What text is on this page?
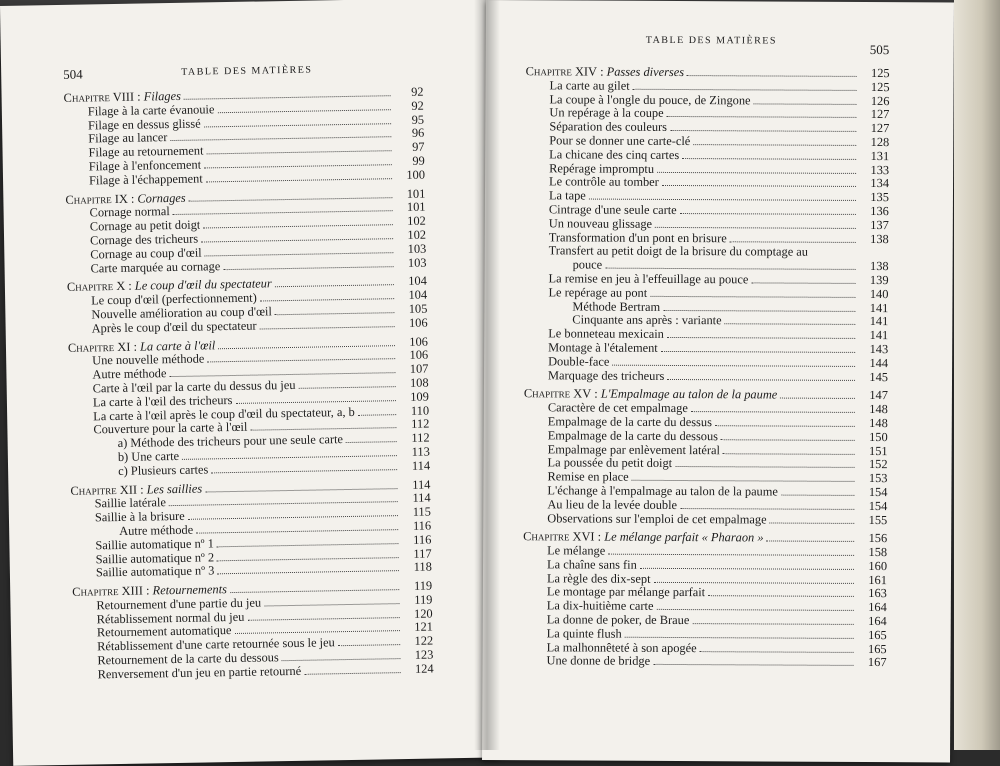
504	TABLE DES MATIÈRES
Chapitre VIII : Filages	92
Filage à la carte évanouie	92
Filage en dessus glissé	95
Filage au lancer	96
Filage au retournement	97
Filage à l'enfoncement	99
Filage à l'échappement	100
Chapitre IX : Cornages	101
Cornage normal	101
Cornage au petit doigt	102
Cornage des tricheurs	102
Cornage au coup d'œil	103
Carte marquée au cornage	103
Chapitre X : Le coup d'œil du spectateur	104
Le coup d'œil (perfectionnement)	104
Nouvelle amélioration au coup d'œil	105
Après le coup d'œil du spectateur	106
Chapitre XI : La carte à l'œil	106
Une nouvelle méthode	106
Autre méthode	107
Carte à l'œil par la carte du dessus du jeu	108
La carte à l'œil des tricheurs	109
La carte à l'œil après le coup d'œil du spectateur, a, b	110
Couverture pour la carte à l'œil	112
a) Méthode des tricheurs pour une seule carte	112
b) Une carte	113
c) Plusieurs cartes	114
Chapitre XII : Les saillies	114
Saillie latérale	114
Saillie à la brisure	115
Autre méthode	116
Saillie automatique nº 1	116
Saillie automatique nº 2	117
Saillie automatique nº 3	118
Chapitre XIII : Retournements	119
Retournement d'une partie du jeu	119
Rétablissement normal du jeu	120
Retournement automatique	121
Rétablissement d'une carte retournée sous le jeu	122
Retournement de la carte du dessous	123
Renversement d'un jeu en partie retourné	124
TABLE DES MATIÈRES
505
Chapitre XIV : Passes diverses	125
La carte au gilet	125
La coupe à l'ongle du pouce, de Zingone	126
Un repérage à la coupe	127
Séparation des couleurs	127
Pour se donner une carte-clé	128
La chicane des cinq cartes	131
Repérage impromptu	133
Le contrôle au tomber	134
La tape	135
Cintrage d'une seule carte	136
Un nouveau glissage	137
Transformation d'un pont en brisure	138
Transfert au petit doigt de la brisure du comptage au
pouce	138
La remise en jeu à l'effeuillage au pouce	139
Le repérage au pont	140
Méthode Bertram	141
Cinquante ans après : variante	141
Le bonneteau mexicain	141
Montage à l'étalement	143
Double-face	144
Marquage des tricheurs	145
Chapitre XV : L'Empalmage au talon de la paume	147
Caractère de cet empalmage	148
Empalmage de la carte du dessus	148
Empalmage de la carte du dessous	150
Empalmage par enlèvement latéral	151
La poussée du petit doigt	152
Remise en place	153
L'échange à l'empalmage au talon de la paume	154
Au lieu de la levée double	154
Observations sur l'emploi de cet empalmage	155
Chapitre XVI : Le mélange parfait « Pharaon »	156
Le mélange	158
La chaîne sans fin	160
La règle des dix-sept	161
Le montage par mélange parfait	163
La dix-huitième carte	164
La donne de poker, de Braue	164
La quinte flush	165
La malhonnêteté à son apogée	165
Une donne de bridge	167
